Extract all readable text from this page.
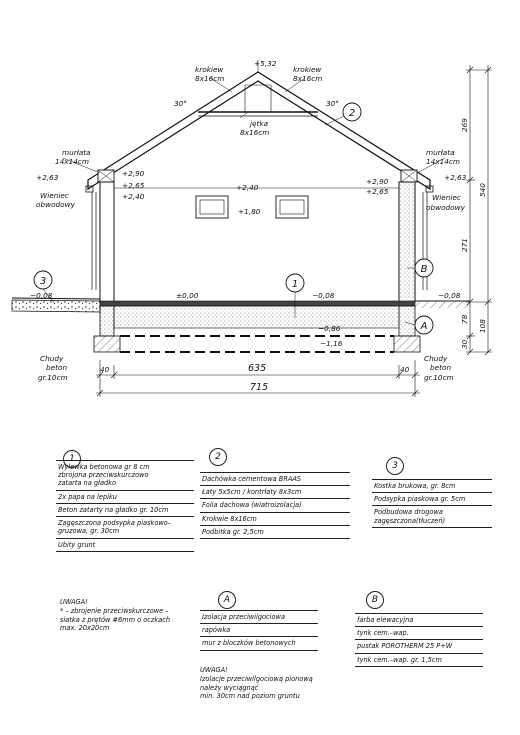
1
2
3
A
B
+5,32
krokiew
8x16cm
krokiew
8x16cm
jętka
8x16cm
30°	30°
murłata
14x14cm
+2,63	+2,90
+2,65
+2,40
Wieniec
obwodowy
murłata
14x14cm
+2,63
+2,90
+2,65
Wieniec
obwodowy
+2,40
+1,80
±0,00	−0,08
−0,08	−0,08
−0,86
−1,16
Chudy
beton
gr.10cm
Chudy
beton
gr.10cm
40	635	40
715
269
540
271
78
30
108
1
Wylewka betonowa gr 8 cm
zbrojona przeciwskurczowo
zatarta na gładko
2x papa na lepiku
Beton zatarty na gładko gr. 10cm
Zagęszczona podsypka piaskowo–
gruzowa, gr. 30cm
Ubity grunt
2
Dachówka cementowa BRAAS
Łaty 5x5cm / kontrłaty 8x3cm
Folia dachowa (wiatroizolacja)
Krokwie 8x16cm
Podbitka gr. 2,5cm
3
Kostka brukowa, gr. 8cm
Podsypka piaskowa gr. 5cm
Podbudowa drogowa
zagęszczona(tłuczeń)
A
Izolacja przeciwilgociowa
rapówka
mur z bloczków betonowych
B
farba elewacyjna
tynk cem.–wap.
pustak POROTHERM 25 P+W
tynk cem.–wap. gr. 1,5cm
UWAGA!
* – zbrojenie przeciwskurczowe –
siatka z prętów #6mm o oczkach
max. 20x20cm
UWAGA!
Izolacje przeciwilgociową pionową
należy wyciągnąć
min. 30cm nad poziom gruntu
